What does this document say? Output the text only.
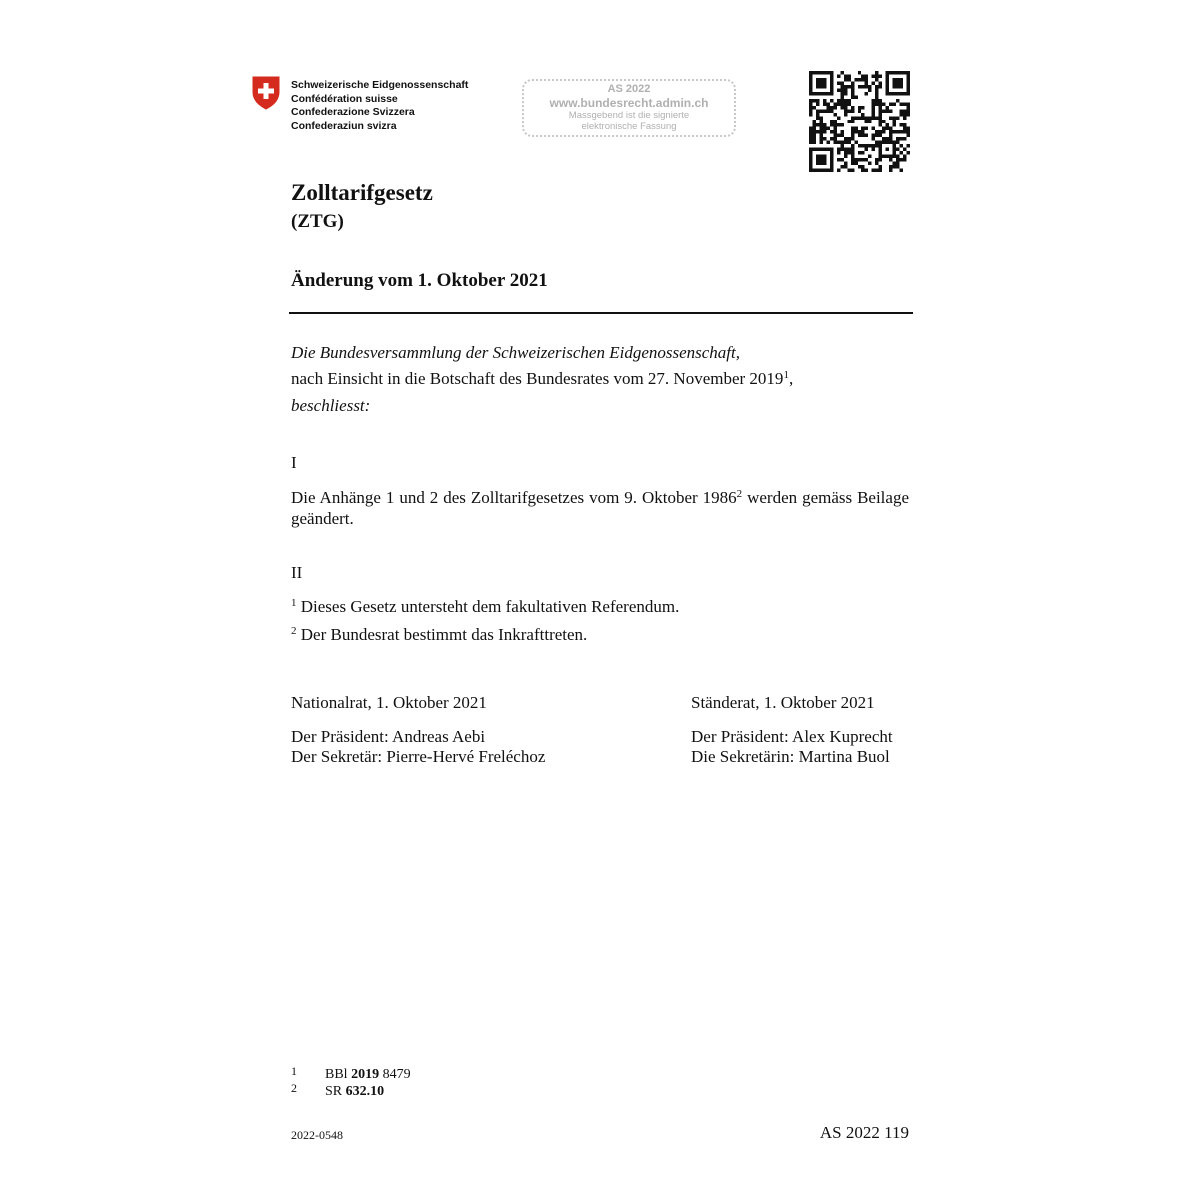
Schweizerische Eidgenossenschaft
Confédération suisse
Confederazione Svizzera
Confederaziun svizra
AS 2022
www.bundesrecht.admin.ch
Massgebend ist die signierte
elektronische Fassung
Zolltarifgesetz
(ZTG)
Änderung vom 1. Oktober 2021
Die Bundesversammlung der Schweizerischen Eidgenossenschaft,
nach Einsicht in die Botschaft des Bundesrates vom 27. November 2019$^1$,
beschliesst:
I
Die Anhänge 1 und 2 des Zolltarifgesetzes vom 9. Oktober 1986$^2$ werden gemäss Beilage geändert.
II
$^1$ Dieses Gesetz untersteht dem fakultativen Referendum.
$^2$ Der Bundesrat bestimmt das Inkrafttreten.
Nationalrat, 1. Oktober 2021
Der Präsident: Andreas Aebi
Der Sekretär: Pierre-Hervé Freléchoz
Ständerat, 1. Oktober 2021
Der Präsident: Alex Kuprecht
Die Sekretärin: Martina Buol
1 BBl 2019 8479
2 SR 632.10
2022-0548	AS 2022 119
